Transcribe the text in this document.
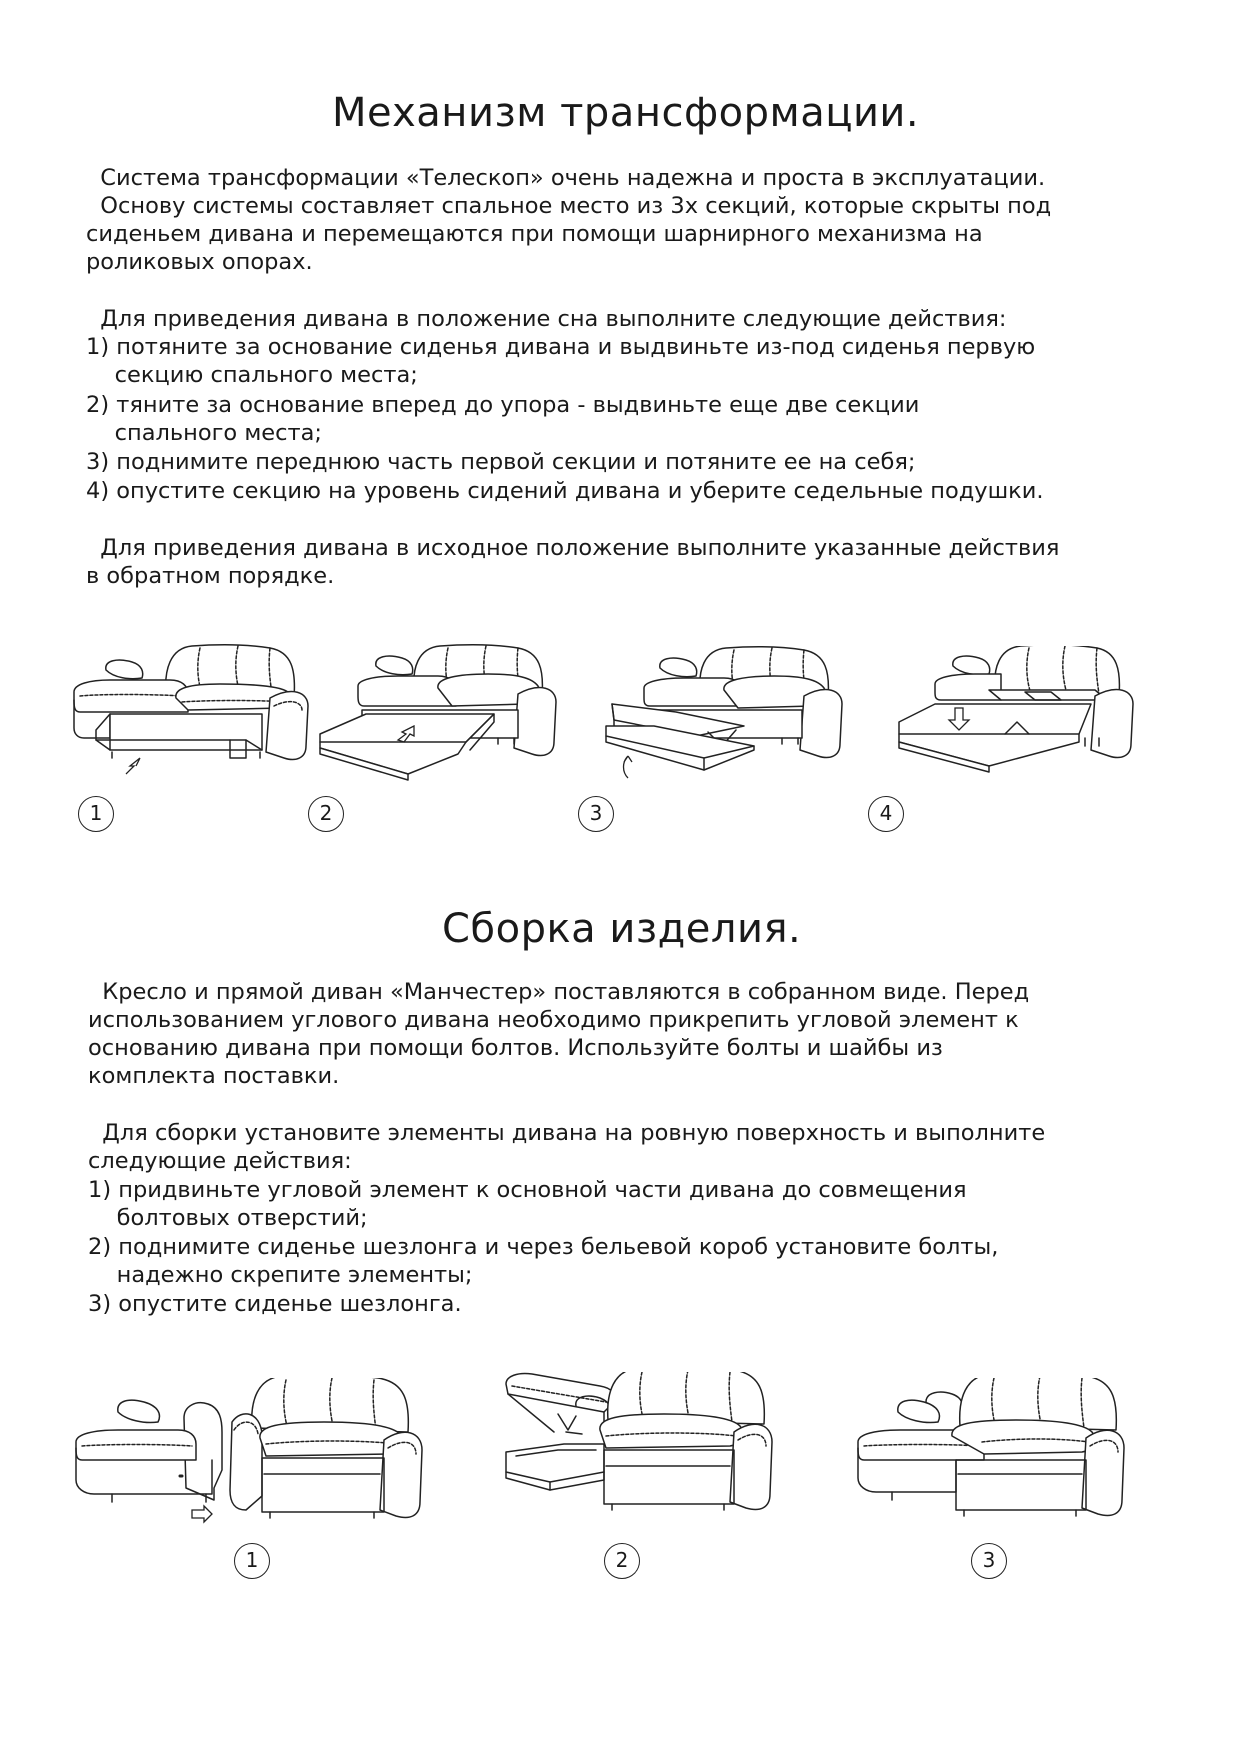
Механизм трансформации.
Система трансформации «Телескоп» очень надежна и проста в эксплуатации.
Основу системы составляет спальное место из 3х секций, которые скрыты под
сиденьем дивана и перемещаются при помощи шарнирного механизма на
роликовых опорах.
Для приведения дивана в положение сна выполните следующие действия:
1) потяните за основание сиденья дивана и выдвиньте из-под сиденья первую
секцию спального места;
2) тяните за основание вперед до упора - выдвиньте еще две секции
спального места;
3) поднимите переднюю часть первой секции и потяните ее на себя;
4) опустите секцию на уровень сидений дивана и уберите седельные подушки.
Для приведения дивана в исходное положение выполните указанные действия
в обратном порядке.
1	2	3	4
Сборка изделия.
Кресло и прямой диван «Манчестер» поставляются в собранном виде. Перед
использованием углового дивана необходимо прикрепить угловой элемент к
основанию дивана при помощи болтов. Используйте болты и шайбы из
комплекта поставки.
Для сборки установите элементы дивана на ровную поверхность и выполните
следующие действия:
1) придвиньте угловой элемент к основной части дивана до совмещения
болтовых отверстий;
2) поднимите сиденье шезлонга и через бельевой короб установите болты,
надежно скрепите элементы;
3) опустите сиденье шезлонга.
1	2	3
